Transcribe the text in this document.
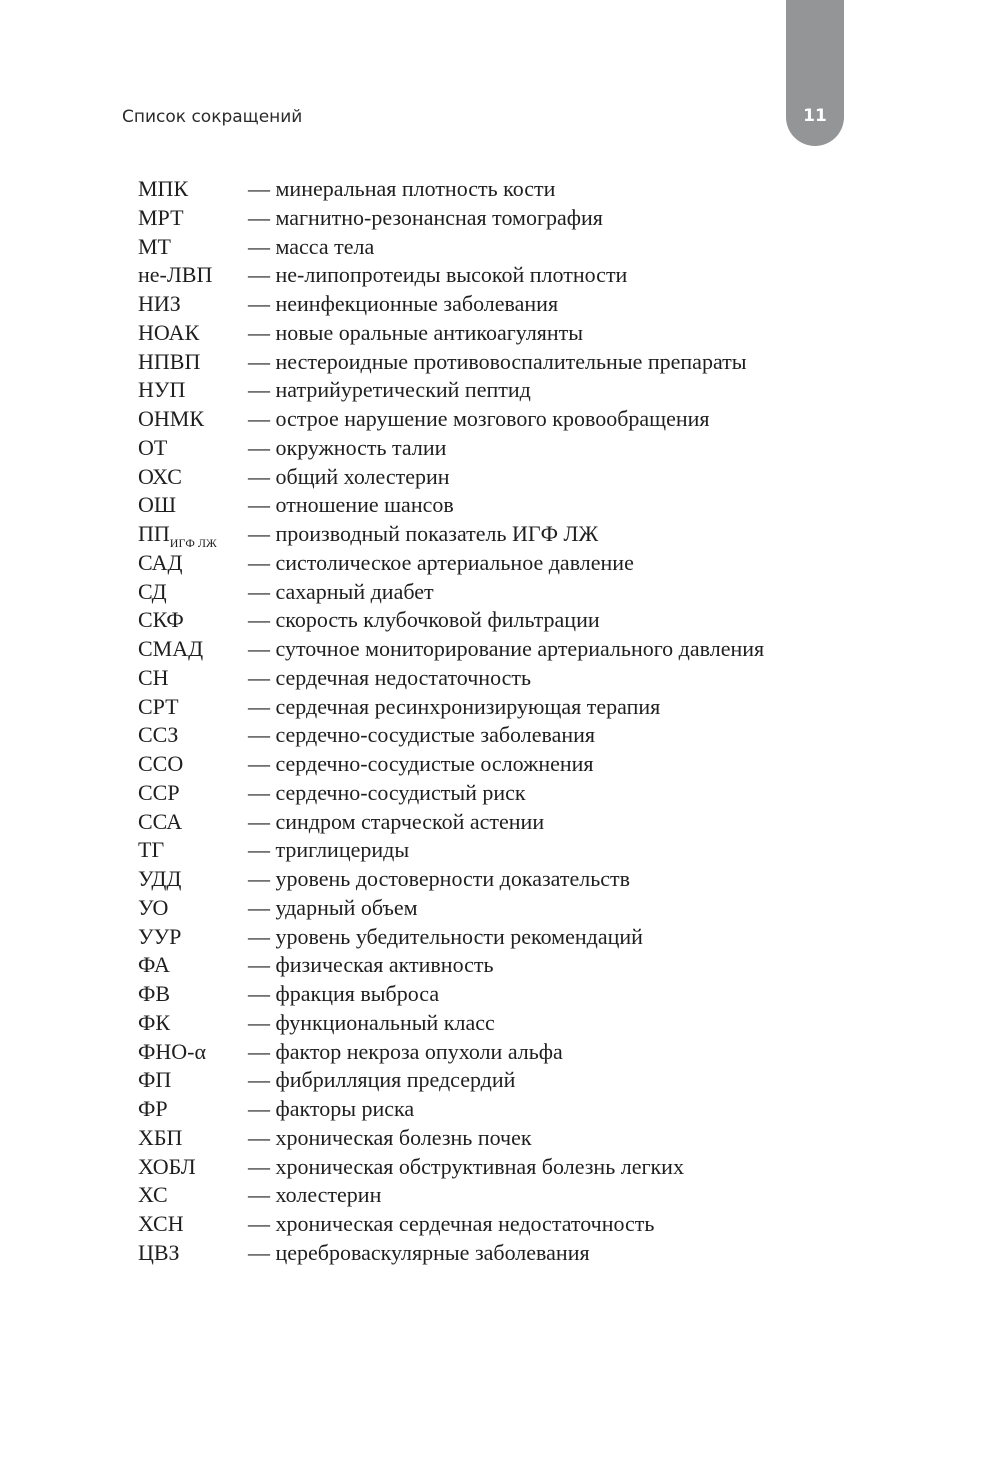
11
Список сокращений
МПК	— минеральная плотность кости
МРТ	— магнитно-резонансная томография
МТ	— масса тела
не-ЛВП — не-липопротеиды высокой плотности
НИЗ	— неинфекционные заболевания
НОАК — новые оральные антикоагулянты
НПВП — нестероидные противовоспалительные препараты
НУП	— натрийуретический пептид
ОНМК — острое нарушение мозгового кровообращения
ОТ	— окружность талии
ОХС	— общий холестерин
ОШ	— отношение шансов
$ПП_{ИГФ ЛЖ}$ — производный показатель ИГФ ЛЖ
САД	— систолическое артериальное давление
СД	— сахарный диабет
СКФ	— скорость клубочковой фильтрации
СМАД — суточное мониторирование артериального давления
СН	— сердечная недостаточность
СРТ	— сердечная ресинхронизирующая терапия
ССЗ	— сердечно-сосудистые заболевания
ССО	— сердечно-сосудистые осложнения
ССР	— сердечно-сосудистый риск
ССА	— синдром старческой астении
ТГ	— триглицериды
УДД	— уровень достоверности доказательств
УО	— ударный объем
УУР	— уровень убедительности рекомендаций
ФА	— физическая активность
ФВ	— фракция выброса
ФК	— функциональный класс
ФНО-α — фактор некроза опухоли альфа
ФП	— фибрилляция предсердий
ФР	— факторы риска
ХБП	— хроническая болезнь почек
ХОБЛ — хроническая обструктивная болезнь легких
ХС	— холестерин
ХСН	— хроническая сердечная недостаточность
ЦВЗ	— цереброваскулярные заболевания
